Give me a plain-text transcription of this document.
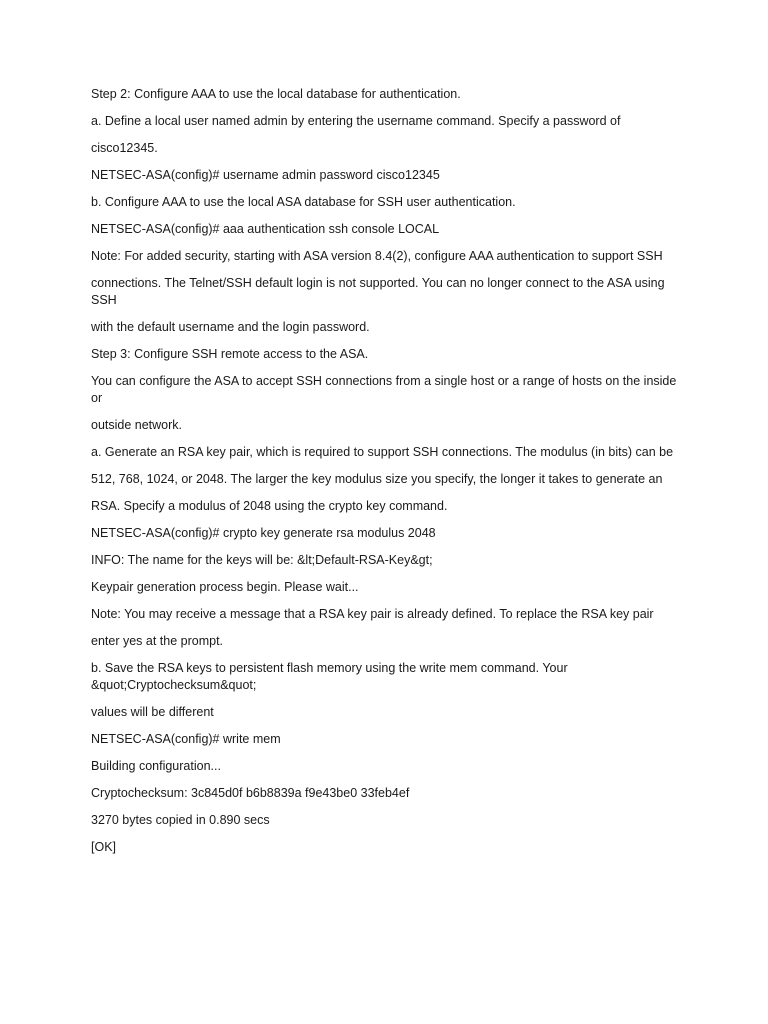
Step 2: Configure AAA to use the local database for authentication.

a. Define a local user named admin by entering the username command. Specify a password of

cisco12345.

NETSEC-ASA(config)# username admin password cisco12345

b. Configure AAA to use the local ASA database for SSH user authentication.

NETSEC-ASA(config)# aaa authentication ssh console LOCAL

Note: For added security, starting with ASA version 8.4(2), configure AAA authentication to support SSH

connections. The Telnet/SSH default login is not supported. You can no longer connect to the ASA using SSH

with the default username and the login password.

Step 3: Configure SSH remote access to the ASA.

You can configure the ASA to accept SSH connections from a single host or a range of hosts on the inside or

outside network.

a. Generate an RSA key pair, which is required to support SSH connections. The modulus (in bits) can be

512, 768, 1024, or 2048. The larger the key modulus size you specify, the longer it takes to generate an

RSA. Specify a modulus of 2048 using the crypto key command.

NETSEC-ASA(config)# crypto key generate rsa modulus 2048

INFO: The name for the keys will be: &lt;Default-RSA-Key&gt;

Keypair generation process begin. Please wait...

Note: You may receive a message that a RSA key pair is already defined. To replace the RSA key pair

enter yes at the prompt.

b. Save the RSA keys to persistent flash memory using the write mem command. Your &quot;Cryptochecksum&quot;

values will be different

NETSEC-ASA(config)# write mem

Building configuration...

Cryptochecksum: 3c845d0f b6b8839a f9e43be0 33feb4ef

3270 bytes copied in 0.890 secs

[OK]
